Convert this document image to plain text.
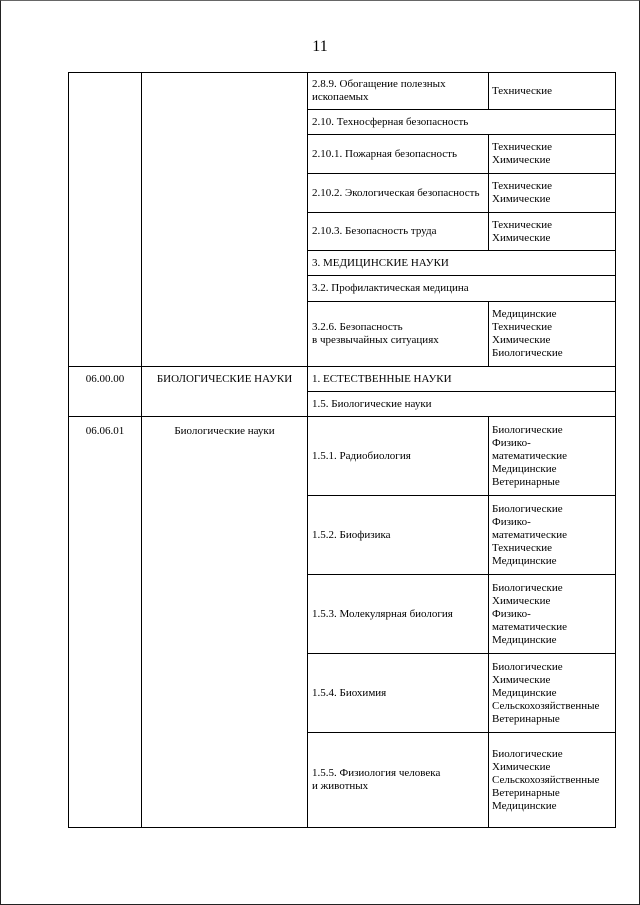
11
		2.8.9. Обогащение полезных ископаемых	Технические

		2.10. Техносферная безопасность	
		2.10.1. Пожарная безопасность	Технические
Химические

		2.10.2. Экологическая безопасность	Технические
Химические

		2.10.3. Безопасность труда	Технические
Химические

		3. МЕДИЦИНСКИЕ НАУКИ	
		3.2. Профилактическая медицина	

		3.2.6. Безопасность
в чрезвычайных ситуациях	Медицинские
Технические
Химические
Биологические

06.00.00	БИОЛОГИЧЕСКИЕ НАУКИ	1. ЕСТЕСТВЕННЫЕ НАУКИ	
		1.5. Биологические науки	
06.06.01	Биологические науки	1.5.1. Радиобиология	Биологические
Физико-
математические
Медицинские
Ветеринарные

		1.5.2. Биофизика	Биологические
Физико-
математические
Технические
Медицинские

		1.5.3. Молекулярная биология	Биологические
Химические
Физико-
математические
Медицинские

		1.5.4. Биохимия	Биологические
Химические
Медицинские
Сельскохозяйственные
Ветеринарные

		1.5.5. Физиология человека
и животных	Биологические
Химические
Сельскохозяйственные
Ветеринарные
Медицинские
